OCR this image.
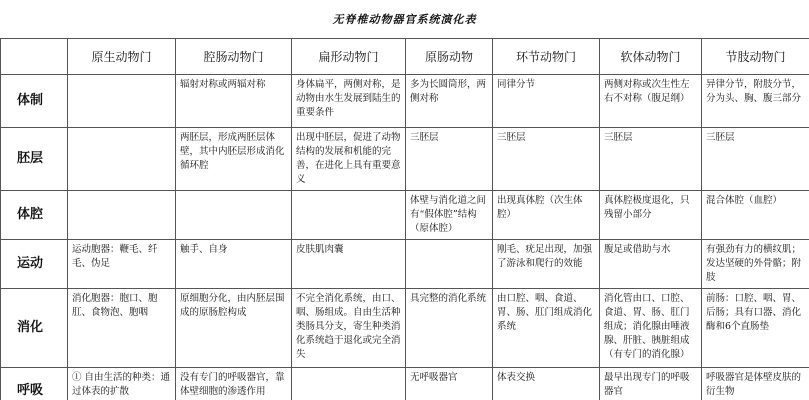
无脊椎动物器官系统演化表
	原生动物门	腔肠动物门	扁形动物门	原肠动物	环节动物门	软体动物门	节肢动物门
体制		辐射对称或两辐对称	身体扁平，两侧对称，是动物由水生发展到陆生的重要条件	多为长圆筒形，两侧对称	同律分节	两侧对称或次生性左右不对称（腹足纲）	异律分节，附肢分节，分为头、胸、腹三部分
胚层		两胚层，形成两胚层体壁，其中内胚层形成消化循环腔	出现中胚层，促进了动物结构的发展和机能的完善，在进化上具有重要意义	三胚层	三胚层	三胚层	三胚层
体腔				体壁与消化道之间有“假体腔”结构（原体腔）	出现真体腔（次生体腔）	真体腔极度退化，只残留小部分	混合体腔（血腔）
运动	运动胞器：鞭毛、纤毛、伪足	触手、自身	皮肤肌肉囊		刚毛、疣足出现，加强了游泳和爬行的效能	腹足或借助与水	有强劲有力的横纹肌；发达坚硬的外骨骼；附肢
消化	消化胞器：胞口、胞肛、食物泡、胞咽	原细胞分化，由内胚层围成的原肠腔构成	不完全消化系统，由口、咽、肠组成。自由生活种类肠具分支，寄生种类消化系统趋于退化或完全消失	具完整的消化系统	由口腔、咽、食道、胃、肠、肛门组成消化系统	消化管由口、口腔、食道、胃、肠、肛门组成；消化腺由唾液腺、肝脏、胰脏组成（有专门的消化腺）	前肠：口腔、咽、胃、后肠；具有口器、消化酶和6个直肠垫
呼吸	① 自由生活的种类：通过体表的扩散	没有专门的呼吸器官，靠体壁细胞的渗透作用		无呼吸器官	体表交换	最早出现专门的呼吸器官	呼吸器官是体壁皮肤的衍生物
